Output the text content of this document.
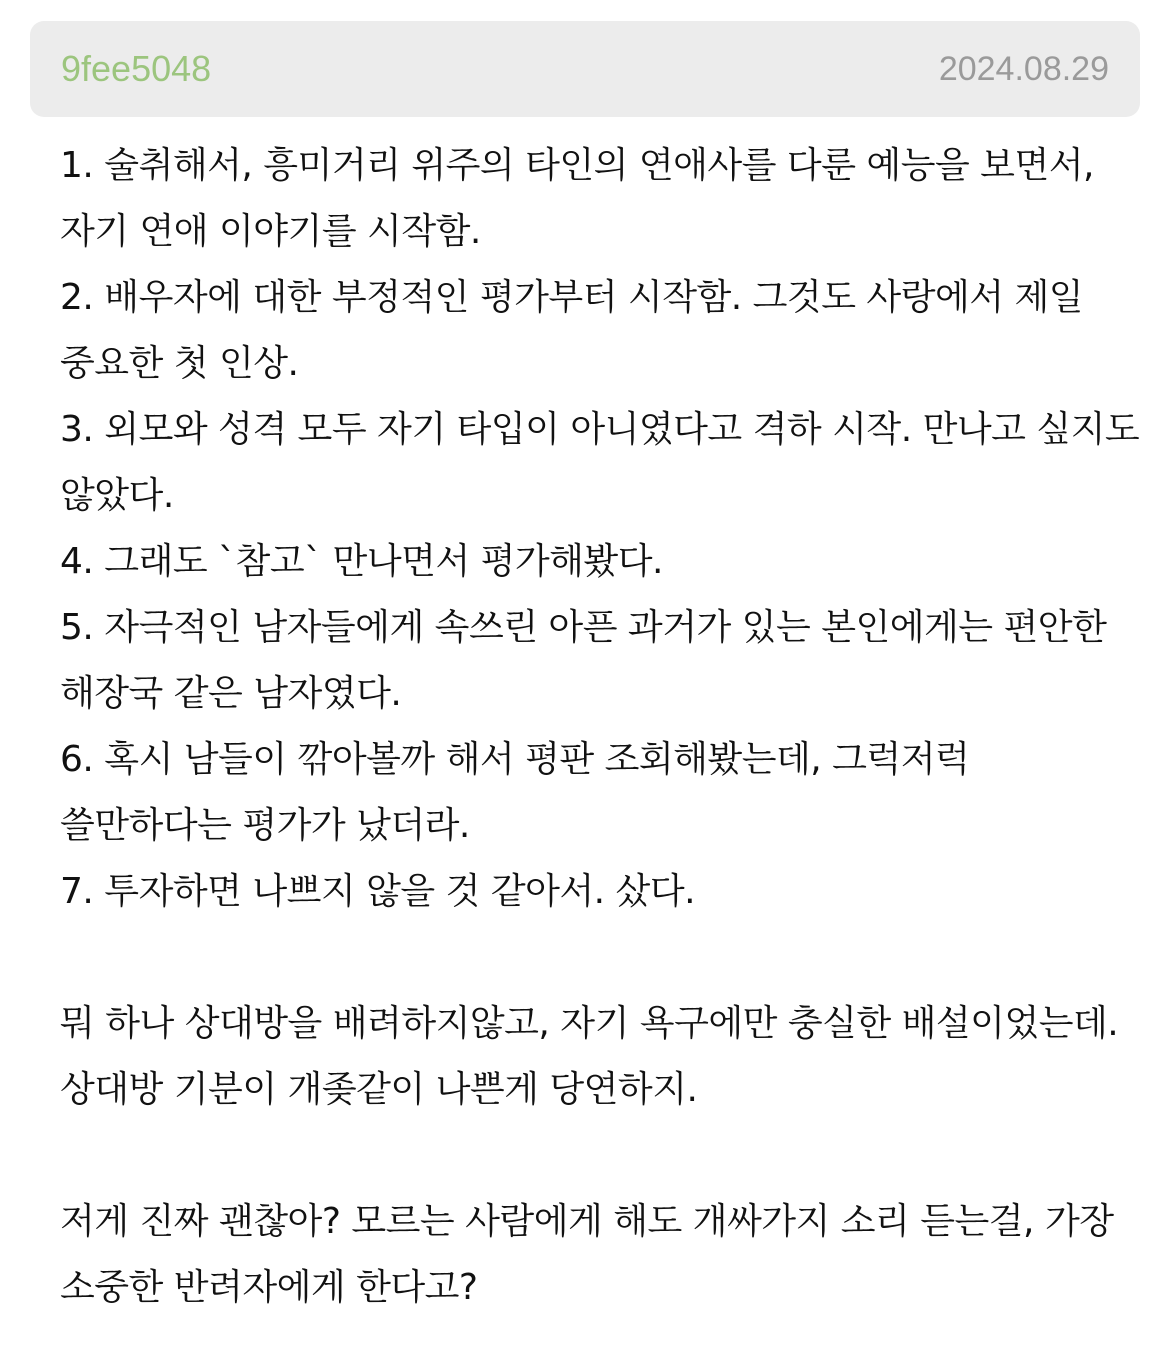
9fee5048	2024.08.29

1. 술취해서, 흥미거리 위주의 타인의 연애사를 다룬 예능을 보면서, 자기 연애 이야기를 시작함.

2. 배우자에 대한 부정적인 평가부터 시작함. 그것도 사랑에서 제일 중요한 첫 인상.

3. 외모와 성격 모두 자기 타입이 아니였다고 격하 시작. 만나고 싶지도 않았다.

4. 그래도 `참고` 만나면서 평가해봤다.

5. 자극적인 남자들에게 속쓰린 아픈 과거가 있는 본인에게는 편안한 해장국 같은 남자였다.

6. 혹시 남들이 깎아볼까 해서 평판 조회해봤는데, 그럭저럭 쓸만하다는 평가가 났더라.

7. 투자하면 나쁘지 않을 것 같아서. 샀다.

뭐 하나 상대방을 배려하지않고, 자기 욕구에만 충실한 배설이었는데. 상대방 기분이 개좆같이 나쁜게 당연하지.

저게 진짜 괜찮아? 모르는 사람에게 해도 개싸가지 소리 듣는걸, 가장 소중한 반려자에게 한다고?
